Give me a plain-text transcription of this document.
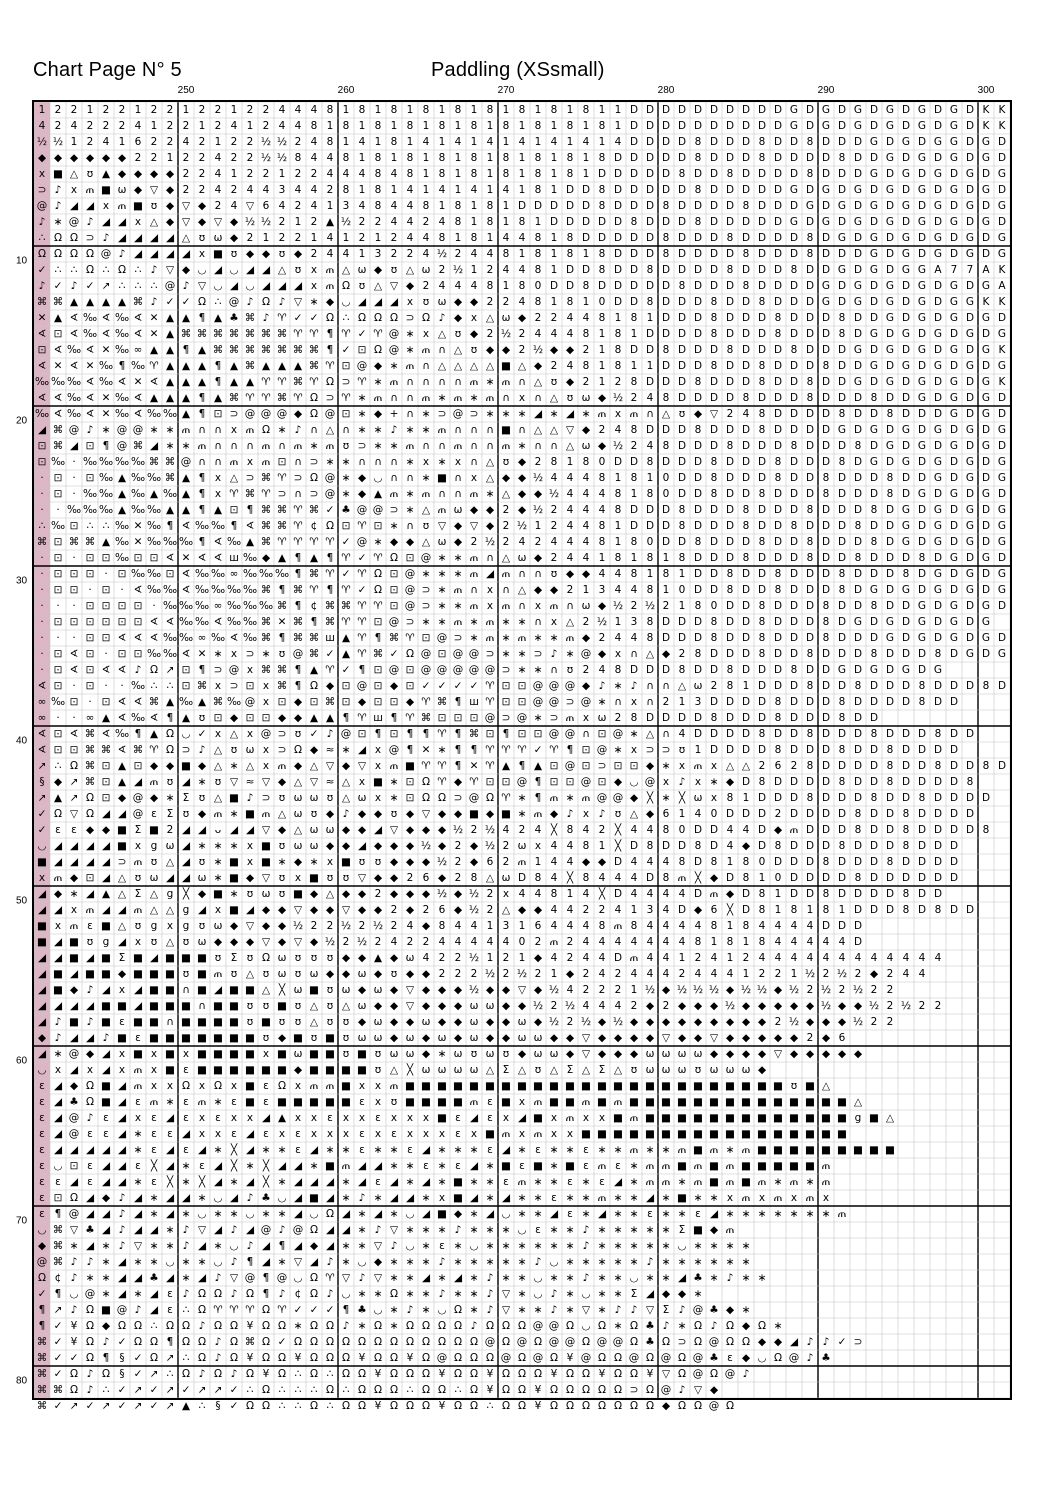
Chart Page N° 5	Paddling (XSsmall)
250	260	270	280	290	300
10
20
30
40
50
60
70
80
1 2 2 1 2 2 1 2 2 1 2 2 1 2 2 4 4 4 8 1 8 1 8 1 8 1 8 1 8 1 8 1 8 1 8 1 1 D D D D D D D D D D G D G D G D G D G D G D K K
4 2 4 2 2 2 4 1 2 2 1 2 4 1 2 4 4 8 1 8 1 8 1 8 1 8 1 8 1 8 1 8 1 8 1 8 1 D D D D D D D D D D G D G D G D G D G D G D K K
½ ½ 1 2 4 1 6 2 2 4 2 1 2 2 ½ ½ 2 4 8 1 4 1 8 1 4 1 4 1 4 1 4 1 4 1 4 1 4 D D D D 8 D D D 8 D D 8 D D D G D G D G G D G D
◆ ◆ ◆ ◆ ◆ ◆ 2 2 1 2 2 4 2 2 ½ ½ 8 4 4 8 1 8 1 8 1 8 1 8 1 8 1 8 1 8 1 8 D D D D D 8 D D D 8 D D D D 8 D D G D G D G D G D
x ■ △ ʊ ▲ ◆ ◆ ◆ ◆ 2 2 4 1 2 2 1 2 2 4 4 4 8 4 8 1 8 1 8 1 8 1 8 1 8 1 D D D D D 8 D D 8 D D D D 8 D D D G D G D G D G D G
⊃ ♪ x ጠ ■ ω ◆ ▽ ◆ 2 2 4 2 4 4 3 4 4 2 8 1 8 1 4 1 4 1 4 1 4 1 8 1 D D 8 D D D D D 8 D D D D D G D G D G D G D G D G D G D
@ ♪ ◢ ◢ x ጠ ■ ʊ ◆ ▽ ◆ 2 4 ▽ 6 4 2 4 1 3 4 8 4 4 8 1 8 1 8 1 D D D D D 8 D D D 8 D D D D 8 D D D G D G D G D G D G D G D G
♪ ∗ @ ♪ ◢ ◢ x △ ◆ ▽ ◆ ▽ ◆ ½ ½ 2 1 2 ▲ ½ 2 2 4 4 2 4 8 1 8 1 8 1 D D D D D 8 D D D 8 D D D D D G D G D G D G D G D G D G D
∴ Ω Ω ⊃ ♪ ◢ ◢ ◢ ◢ △ ʊ ω ◆ 2 1 2 2 1 4 1 2 1 2 4 4 8 1 8 1 4 4 8 1 8 D D D D D 8 D D D 8 D D D D 8 D G D G D G D G D G D G
Ω Ω Ω Ω @ ♪ ◢ ◢ ◢ ◢ x ■ ʊ ◆ ◆ ʊ ◆ 2 4 4 1 3 2 2 4 ½ 2 4 4 8 1 8 1 8 1 8 D D D 8 D D D D 8 D D D 8 D D D G D G D G D G D G
✓ ∴ ∴ Ω ∴ Ω ∴ ♪ ▽ ◆ ◡ ◢ ◡ ◢ ◢ △ ʊ x ጠ △ ω ◆ ʊ △ ω 2 ½ 1 2 4 4 8 1 D D 8 D D 8 D D D D 8 D D D 8 D D G D G D G G A 7 7 A K
♪ ✓ ♪ ✓ ↗ ∴ ∴ ∴ @ ♪ ▽ ◡ ◢ ◡ ◢ ◢ ◢ x ጠ Ω ʊ △ ▽ ◆ 2 4 4 4 8 1 8 0 D D 8 D D D D D 8 D D D 8 D D D D G D G D G D G D G D G A
⌘ ⌘ ▲ ▲ ▲ ▲ ⌘ ♪ ✓ ✓ Ω ∴ @ ♪ Ω ♪ ▽ ∗ ◆ ◡ ◢ ◢ ◢ x ʊ ω ◆ ◆ 2 2 4 8 1 8 1 0 D D 8 D D D 8 D D 8 D D D G D G D G D G D G G K K
✕ ▲ ∢ ‰ ∢ ‰ ∢ ✕ ▲ ▲ ¶ ▲ ♣ ⌘ ♪ ♈ ✓ ✓ Ω ∴ Ω Ω Ω ⊃ Ω ♪ ◆ x △ ω ◆ 2 2 4 4 8 1 8 1 D D D 8 D D D 8 D D D 8 D D G D G D G D G D
∢ ⊡ ∢ ‰ ∢ ‰ ∢ ✕ ▲ ⌘ ⌘ ⌘ ⌘ ⌘ ⌘ ⌘ ♈ ♈ ¶ ♈ ✓ ♈ @ ∗ x △ ʊ ◆ 2 ½ 2 4 4 4 8 1 8 1 D D D D 8 D D D 8 D D D 8 D G D G D G D G D G
⊡ ∢ ‰ ∢ ✕ ‰ ∞ ▲ ▲ ¶ ▲ ⌘ ⌘ ⌘ ⌘ ⌘ ⌘ ⌘ ¶ ✓ ⊡ Ω @ ∗ ጠ ∩ △ ʊ ◆ ◆ 2 ½ ◆ ◆ 2 1 8 D D 8 D D D 8 D D D 8 D D D G D G D G D G D G K
∢ ✕ ∢ ✕ ‰ ¶ ‰ ♈ ▲ ▲ ▲ ¶ ▲ ⌘ ▲ ▲ ▲ ⌘ ♈ ⊡ @ ◆ ∗ ጠ ∩ △ △ △ △ ■ △ ◆ 2 4 8 1 8 1 1 D D D 8 D D 8 D D D 8 D D G D G D G D G D G
‰ ‰ ‰ ∢ ‰ ∢ ✕ ∢ ▲ ▲ ▲ ¶ ▲ ▲ ♈ ♈ ⌘ ♈ Ω ⊃ ♈ ∗ ጠ ∩ ∩ ∩ ∩ ጠ ∗ ጠ ∩ △ ʊ ◆ 2 1 2 8 D D D 8 D D D 8 D D 8 D D G D G D G D G D G K
∢ ∢ ‰ ∢ ✕ ‰ ∢ ▲ ▲ ▲ ¶ ▲ ⌘ ♈ ♈ ⌘ ♈ Ω ⊃ ♈ ∗ ጠ ∩ ∩ ጠ ∗ ጠ ∗ ጠ ∩ x ∩ △ ʊ ω ◆ ½ 2 4 8 D D D D 8 D D D 8 D D D 8 D D G D G D G D
‰ ∢ ‰ ∢ ✕ ‰ ∢ ‰ ‰ ▲ ¶ ⊡ ⊃ @ @ @ ◆ Ω @ ⊡ ∗ ◆ + ∩ ∗ ⊃ @ ⊃ ∗ ∗ ∗ ◢ ∗ ◢ ∗ ጠ x ጠ ∩ △ ʊ ◆ ▽ 2 4 8 D D D D 8 D D 8 D D D G D G D
◢ ⌘ @ ♪ ∗ @ @ ∗ ∗ ጠ ∩ ∩ x ጠ Ω ∗ ♪ ∩ △ ∩ ∗ ∗ ♪ ∗ ∗ ጠ ∩ ∩ ∩ ■ ∩ △ △ ▽ ◆ 2 4 8 D D D 8 D D D 8 D D D D G D G D G D G D G D G
⊡ ⌘ ◢ ⊡ ¶ @ ⌘ ◢ ∗ ∗ ጠ ∩ ∩ ∩ ጠ ∩ ጠ ∗ ጠ ʊ ⊃ ∗ ∗ ጠ ∩ ∩ ጠ ∩ ∩ ጠ ∗ ∩ ∩ △ ω ◆ ½ 2 4 8 D D D 8 D D D 8 D D D 8 D G D G D G D G D
⊡ ‰ · ‰ ‰ ‰ ‰ ⌘ ⌘ @ ∩ ∩ ጠ x ጠ ⊡ ∩ ⊃ ∗ ∗ ∩ ∩ ∩ ∗ x ∗ x ∩ △ ʊ ◆ 2 8 1 8 0 D D 8 D D D 8 D D D 8 D D D 8 D G D G D G D G D G
· ⊡ · ⊡ ‰ ▲ ‰ ‰ ⌘ ▲ ¶ x △ ⊃ ⌘ ♈ ⊃ Ω @ ∗ ◆ ◡ ∩ ∩ ∗ ■ ∩ x △ ◆ ◆ ½ 4 4 4 8 1 8 1 0 D D 8 D D D 8 D D 8 D D D 8 D D G D G D G
· ⊡ · ‰ ‰ ▲ ‰ ▲ ‰ ▲ ¶ x ♈ ⌘ ♈ ⊃ ∩ ⊃ @ ∗ ◆ ▲ ጠ ∗ ጠ ∩ ∩ ጠ ∗ △ ◆ ◆ ½ 4 4 4 8 1 8 0 D D 8 D D 8 D D D 8 D D D 8 D G D G D G D
·	· ‰ ‰ ‰ ▲ ‰ ‰ ▲ ▲ ¶ ▲ ⊡ ¶ ⌘ ⌘ ♈ ⌘ ✓ ♣ @ @ ⊃ ∗ △ ጠ ω ◆ ◆ 2 ◆ ½ 2 4 4 4 8 D D D 8 D D D 8 D D D 8 D D D 8 D G D G D G D G
∴ ‰ ⊡ ∴ ∴ ‰ ✕ ‰ ¶ ∢ ‰ ‰ ¶ ∢ ⌘ ⌘ ♈ ¢ Ω ⊡ ♈ ⊡ ∗ ∩ ʊ ▽ ◆ ▽ ◆ 2 ½ 1 2 4 4 8 1 D D D 8 D D D 8 D D 8 D D D 8 D D G D G D G D G
⌘ ⊡ ⌘ ⌘ ▲ ‰ ✕ ‰ ‰ ‰ ¶ ∢ ‰ ▲ ⌘ ♈ ♈ ♈ ♈ ✓ @ ∗ ◆ ◆ △ ω ◆ 2 ½ 2 4 2 4 4 4 8 1 8 0 D D 8 D D D 8 D D 8 D D D 8 D G D G D G D G
· ⊡ · ⊡ ⊡ ‰ ⊡ ⊡ ∢ ✕ ∢ ∢ ш ‰ ◆ ▲ ¶ ▲ ¶ ♈ ✓ ♈ Ω ⊡ @ ∗ ∗ ጠ ∩ △ ω ◆ 2 4 4 1 8 1 8 1 8 D D D 8 D D D 8 D D 8 D D D 8 D G D G D
· ⊡ ⊡ ⊡ · ⊡ ‰ ‰ ⊡ ∢ ‰ ‰ ∞ ‰ ‰ ‰ ¶ ⌘ ♈ ✓ ♈ Ω ⊡ @ ∗ ∗ ∗ ጠ ◢ ጠ ∩ ∩ ʊ ◆ ◆ 4 4 8 1 8 1 D D 8 D D 8 D D D 8 D D D 8 D G D G D G
· ⊡ ⊡ · ⊡ · ∢ ‰ ‰ ∢ ‰ ‰ ‰ ‰ ⌘ ¶ ⌘ ♈ ¶ ♈ ✓ Ω ⊡ @ ⊃ ∗ ጠ ∩ x ∩ △ ◆ ◆ 2 1 3 4 4 8 1 0 D D 8 D D 8 D D D 8 D G D G D G D G D G
·	·	· ⊡ ⊡ ⊡ ⊡ · ‰ ‰ ‰ ∞ ‰ ‰ ‰ ⌘ ¶ ¢ ⌘ ⌘ ♈ ♈ ⊡ @ ⊃ ∗ ∗ ጠ x ጠ ∩ x ጠ ∩ ω ◆ ½ 2 ½ 2 1 8 0 D D 8 D D D 8 D D 8 D D G D G D G D
· ⊡ ⊡ ⊡ ⊡ ⊡ ⊡ ∢ ∢ ‰ ‰ ∢ ‰ ‰ ⌘ ✕ ⌘ ¶ ⌘ ♈ ♈ ⊡ @ ⊃ ∗ ∗ ጠ ∗ ጠ ∗ ∗ ∩ x △ 2 ½ 1 3 8 D D D 8 D D 8 D D D 8 D G D G D G D G D G
·	·	· ⊡ ⊡ ∢ ∢ ∢ ‰ ‰ ∞ ‰ ∢ ‰ ⌘ ¶ ⌘ ⌘ ш ▲ ♈ ¶ ⌘ ♈ ⊡ @ ⊃ ∗ ጠ ∗ ጠ ∗ ∗ ጠ ◆ 2 4 4 8 D D D 8 D D 8 D D D 8 D D D G D G D G D G D
· ⊡ ∢ ⊡ · ⊡ ⊡ ‰ ‰ ∢ ✕ ∗ x ⊃ ∗ ʊ @ ⌘ ✓ ▲ ♈ ⌘ ✓ Ω @ ⊡ @ @ ⊃ ∗ ∗ ⊃ ♪ ∗ @ ◆ x ∩ △ ◆ 2 8 D D D 8 D D 8 D D D 8 D D D 8 D G D G
· ⊡ ∢ ⊡ ∢ ∢ ♪ Ω ↗ ⊡ ¶ ⊃ @ x ⌘ ⌘ ¶ ▲ ♈ ✓ ¶ ⊡ @ ⊡ @ @ @ @ @ ⊃ ∗ ∗ ∩ ʊ 2 4 8 D D D 8 D D 8 D D D 8 D D G D G D G D G
∢ ⊡ · ⊡ ·	· ‰ ∴ ∴ ⊡ ⌘ x ⊃ ⊡ x ⌘ ¶ Ω ◆ ⊡ @ ⊡ ◆ ⊡ ✓ ✓ ✓ ✓ ♈ ⊡ ⊡ @ @ @ ◆ ♪ ∗ ♪ ∩ ∩ △ ω 2 8 1 D D D 8 D D 8 D D D 8 D D D 8 D
∞ ‰ ⊡ · ⊡ ∢ ∢ ⌘ ▲ ‰ ▲ ⌘ ‰ @ x ⊡ ◆ ⊡ ⌘ ⊡ ◆ ⊡ ⊡ ◆ ♈ ⌘ ¶ ш ♈ ⊡ ⊡ @ @ ⊃ @ ∗ ∩ x ∩ 2 1 3 D D D D 8 D D D 8 D D D D 8 D D
∞ ·	· ∞ ▲ ∢ ‰ ∢ ¶ ▲ ʊ ⊡ ◆ ⊡ ⊡ ◆ ◆ ▲ ▲ ¶ ♈ ш ¶ ♈ ⌘ ⊡ ⊡ ⊡ @ ⊃ @ ∗ ⊃ ጠ x ω 2 8 D D D D 8 D D D 8 D D D 8 D D
∢ ⊡ ∢ ⌘ ∢ ‰ ¶ ▲ Ω ◡ ✓ x △ x @ ⊃ ʊ ✓ ♪ @ ⊡ ¶ ⊡ ¶ ¶ ♈ ¶ ⌘ ⊡ ¶ ⊡ ⊡ @ @ ∩ ⊡ @ ∗ △ ∩ 4 D D D D 8 D D 8 D D D 8 D D D 8 D D
∢ ⊡ ⊡ ⌘ ⌘ ∢ ⌘ ♈ Ω ⊃ ♪ △ ʊ ω x ⊃ Ω ◆ ≈ ∗ ◢ x @ ¶ ✕ ∗ ¶ ¶ ♈ ♈ ♈ ✓ ♈ ¶ ⊡ @ ∗ x ⊃ ⊃ ʊ 1 D D D D 8 D D D 8 D D 8 D D D D
↗ ∴ Ω ⌘ ⊡ ▲ ⊡ ◆ ◆ ■ ◆ △ ∗ △ x ጠ ◆ △ ▽ ◆ ▽ x ጠ ■ ♈ ♈ ¶ ✕ ♈ ▲ ¶ ▲ ⊡ @ ⊡ ⊃ ⊡ ⊡ ◆ ∗ x ጠ x △ △ 2 6 2 8 D D D D 8 D D 8 D D 8 D
§ ◆ ↗ ⌘ ⊡ ▲ ◢ ጠ ʊ ◢ ∗ ʊ ▽ ≈ ▽ ◆ △ ▽ ≈ △ x ■ ∗ ⊡ Ω ♈ ◆ ♈ ⊡ ⊡ @ ¶ ⊡ ⊡ @ ⊡ ◆ ◡ @ x ♪ x ∗ ◆ D 8 D D D D 8 D D 8 D D D D 8
↗ ▲ ↗ Ω ⊡ ◆ @ ◆ ∗ Σ ʊ △ ■ ♪ ⊃ ʊ ω ω ʊ △ ω x ∗ ⊡ Ω Ω ⊃ @ Ω ♈ ∗ ¶ ጠ ∗ ጠ @ @ ◆ ╳ ∗ ╳ ω x 8 1 D D D 8 D D D 8 D D 8 D D D D
✓ Ω ▽ Ω ◢ ◢ @ ɛ Σ ʊ ◆ ጠ ∗ ■ ጠ △ ω ʊ ◆ ♪ ◆ ◆ ʊ ◆ ▽ ◆ ◆ ■ ◆ ■ ∗ ጠ ◆ ♪ x ♪ ʊ △ ◆ 6 1 4 0 D D D 2 D D D D 8 D D 8 D D D D
✓ ɛ ɛ ◆ ◆ ■ Σ ■ 2 ◢ ◢ ᴗ ◢ ◢ ▽ ◆ △ ω ω ◆ ◆ ◢ ▽ ◆ ◆ ◆ ½ 2 ½ 4 2 4 ╳ 8 4 2 ╳ 4 4 8 0 D D 4 4 D ◆ ጠ D D D 8 D D 8 D D D D 8
◡ ◢ ◢ ◢ ◢ ■ x g ω ◢ ∗ ∗ ∗ x ■ ʊ ω ω ◆ ◆ ◢ ◆ ◆ ◆ ½ ◆ 2 ◆ ½ 2 ω x 4 4 8 1 ╳ D 8 D D 8 D 4 ◆ D 8 D D D 8 D D D 8 D D D
■ ◢ ◢ ◢ ◢ ⊃ ጠ ʊ △ ◢ ʊ ∗ ■ x ■ ∗ ◆ ∗ x ■ ʊ ʊ ◆ ◆ ◆ ½ 2 ◆ 6 2 ጠ 1 4 4 ◆ ◆ D 4 4 4 8 D 8 1 8 0 D D D 8 D D D 8 D D D D
x ጠ ◆ ⊡ ◢ △ ʊ ω ◢ ◢ ω ∗ ■ ◆ ▽ ʊ x ■ ʊ ʊ ▽ ◆ ◆ 2 6 ◆ 2 8 △ ω D 8 4 ╳ 8 4 4 4 D 8 ጠ ╳ ◆ D 8 1 0 D D D D 8 D D D D D D
◢ ◆ ∗ ◢ ▲ △ Σ △ g ╳ ◆ ■ ∗ ʊ ω ʊ ■ ◆ △ ◆ ◆ 2 ◆ ◆ ◆ ½ ◆ ½ 2 x 4 4 8 1 4 ╳ D 4 4 4 4 D ጠ ◆ D 8 1 D D 8 D D D D 8 D D
◢ ◢ x ጠ ◢ ◢ ጠ △ △ g ◢ x ■ ◢ ◆ ◆ ▽ ◆ ◆ ▽ ◆ ◆ 2 ◆ 2 6 ◆ ½ 2 △ ◆ ◆ 4 4 2 2 4 1 3 4 D ◆ 6 ╳ D 8 1 8 1 8 1 D D D 8 D 8 D D
■ x ጠ ɛ ■ △ ʊ g x g ʊ ω ◆ ▽ ◆ ◆ ½ 2 2 ½ 2 ½ 2 4 ◆ 8 4 4 1 3 1 6 4 4 4 8 ጠ 8 4 4 4 4 8 1 8 4 4 4 4 D D D
■ ◢ ■ ʊ g ◢ x ʊ △ ʊ ω ◆ ◆ ◆ ▽ ◆ ▽ ◆ ½ 2 ½ 2 4 2 2 4 4 4 4 4 0 2 ጠ 2 4 4 4 4 4 4 4 8 1 8 1 8 4 4 4 4 4 D
◢ ◢ ■ ◢ ■ Σ ■ ◢ ■ ■ ■ ʊ Σ ʊ Ω ω ʊ ʊ ʊ ◆ ◆ ▲ ◆ ω 4 2 2 ½ 1 2 1 ◆ 4 2 4 4 D ጠ 4 4 1 2 4 1 2 4 4 4 4 4 4 4 4 4 4 4 4
◢ ■ ◢ ■ ■ ◆ ■ ■ ■ ʊ ■ ጠ ʊ △ ʊ ω ʊ ω ◆ ◆ ω ◆ ʊ ◆ ◆ 2 2 2 ½ 2 ½ 2 1 ◆ 2 4 2 4 4 4 2 4 4 4 1 2 2 1 ½ 2 ½ 2 ◆ 2 4 4
◢ ■ ◆ ♪ ◢ x ◢ ■ ■ ∩ ■ ◢ ■ ■ △ ╳ ω ■ ʊ ω ◆ ω ◆ ▽ ◆ ◆ ◆ ½ ◆ ◆ ▽ ◆ ½ 4 2 2 2 1 ½ ◆ ½ ½ ½ ◆ ½ ½ ◆ ½ 2 ½ 2 ½ 2 2
◢ ◢ ◢ ◢ ■ ■ ◢ ■ ■ ■ ∩ ■ ■ ʊ ʊ ■ ʊ △ ʊ △ ω ◆ ◆ ▽ ◆ ◆ ◆ ω ω ◆ ◆ ½ 2 ½ 4 4 4 2 ◆ 2 ◆ ◆ ◆ ½ ◆ ◆ ◆ ◆ ◆ ½ ◆ ◆ ½ 2 ½ 2 2
◢ ♪ ■ ♪ ■ ɛ ■ ■ ∩ ■ ■ ■ ■ ʊ ■ ʊ ʊ △ ʊ ʊ ◆ ω ◆ ◆ ω ◆ ◆ ω ◆ ◆ ω ◆ ½ 2 ½ ◆ ½ ◆ ◆ ◆ ◆ ◆ ◆ ◆ ◆ ◆ 2 ½ ◆ ◆ ◆ ½ 2 2
◆ ♪ ◢ ◢ ♪ ■ ɛ ■ ■ ■ ■ ■ ■ ■ ʊ ◆ ■ ʊ ■ ʊ ω ω ◆ ω ◆ ω ◆ ω ◆ ◆ ω ω ◆ ◆ ▽ ◆ ◆ ◆ ◆ ▽ ◆ ◆ ▽ ◆ ◆ ◆ ◆ ◆ 2 ◆ 6
◢ ∗ @ ◆ ◢ x ■ x ■ x ■ ■ ■ ■ x ■ ω ■ ■ ʊ ■ ʊ ω ω ◆ ∗ ω ʊ ω ʊ ◆ ω ω ◆ ▽ ◆ ◆ ◆ ω ω ω ω ◆ ◆ ◆ ◆ ▽ ◆ ◆ ◆ ◆ ◆
◡ x ◢ x ◢ x ጠ x ■ ɛ ■ ■ ■ ■ ■ ■ ◆ ■ ■ ■ ■ ʊ △ ╳ ω ω ω ω △ Σ △ ʊ △ Σ △ Σ △ ʊ ω ω ω ʊ ω ω ω ◆
ɛ ◢ ◆ Ω ■ ◢ ጠ x x Ω x Ω x ■ ɛ Ω x ጠ ጠ ■ x x ጠ ■ ■ ■ ■ ■ ■ ■ ■ ■ ■ ■ ■ ■ ■ ■ ■ ■ ■ ■ ■ ■ ■ ■ ■ ʊ ■ △
ɛ ◢ ♣ Ω ■ ◢ ɛ ጠ ∗ ɛ ጠ ∗ ɛ ■ ɛ ■ ■ ■ ■ ■ ɛ x ʊ ■ ■ ■ ■ ጠ ɛ ■ x ጠ ■ ■ ጠ ■ ጠ ■ ■ ■ ■ ■ ■ ■ ■ ■ ■ ■ ■ ■ ■ △
ɛ ◢ @ ♪ ɛ ◢ x ɛ ◢ ɛ x ɛ x x ◢ ▲ x x ɛ x x ɛ x x x ■ ɛ ◢ ɛ x ◢ ■ x ጠ x x ■ ጠ ■ ■ ■ ■ ■ ■ ■ ■ ■ ■ ■ ■ ■ g ■ △
ɛ ◢ @ ɛ ɛ ◢ ∗ ɛ ɛ ◢ x x ɛ ◢ ɛ x ɛ x x x ɛ x ɛ x x x ɛ x ■ ጠ x ጠ x x ■ ■ ■ ■ ■ ■ ■ ■ ■ ■ ■ ■ ■ ■ ■ ■ ■
ɛ ◢ ◢ ◢ ◢ ◢ ∗ ɛ ◢ ɛ ◢ ∗ ╳ ◢ ∗ ∗ ɛ ◢ ∗ ∗ ɛ ∗ ∗ ɛ ◢ ∗ ∗ ∗ ɛ ◢ ∗ ɛ ∗ ∗ ɛ ∗ ∗ ጠ ∗ ∗ ጠ ■ ጠ ∗ ጠ ■ ■ ■ ■ ■ ■ ■ ■ ■
ɛ ◡ ⊡ ɛ ◢ ◢ ɛ ╳ ◢ ∗ ɛ ◢ ╳ ∗ ╳ ◢ ◢ ∗ ■ ጠ ◢ ◢ ∗ ∗ ɛ ∗ ɛ ◢ ∗ ■ ɛ ■ ∗ ■ ɛ ጠ ɛ ∗ ጠ ጠ ■ ጠ ■ ጠ ■ ■ ■ ■ ■ ጠ
ɛ ɛ ◢ ɛ ◢ ◢ ∗ ɛ ╳ ∗ ╳ ◢ ∗ ◢ ╳ ∗ ◢ ◢ ◢ ∗ ◢ ɛ ◢ ∗ ◢ ∗ ■ ∗ ∗ ɛ ጠ ∗ ∗ ɛ ∗ ɛ ◢ ∗ ጠ ጠ ∗ ጠ ■ ጠ ■ ጠ ∗ ጠ ∗ ጠ
ɛ ⊡ Ω ◢ ◆ ♪ ◢ ∗ ◢ ◢ ∗ ◡ ◢ ♪ ♣ ◡ ◢ ■ ◢ ∗ ♪ ∗ ◢ ◢ ∗ x ■ ◢ ∗ ◢ ∗ ∗ ɛ ∗ ∗ ጠ ∗ ∗ ◢ ∗ ■ ∗ ∗ x ጠ x ጠ x ጠ x
ɛ ¶ @ ◢ ◢ ♪ ◢ ∗ ◢ ∗ ◡ ∗ ∗ ◡ ∗ ∗ ◢ ◡ Ω ◢ ∗ ◢ ∗ ◡ ◢ ■ ◆ ∗ ◢ ◡ ∗ ∗ ◢ ɛ ∗ ◢ ∗ ∗ ɛ ∗ ∗ ɛ ◢ ∗ ∗ ∗ ∗ ∗ ∗ ∗ ጠ
◡ ⌘ ▽ ♣ ◢ ♪ ◢ ◢ ∗ ♪ ▽ ◢ ♪ ◢ @ ♪ @ Ω ◢ ◢ ∗ ♪ ▽ ∗ ∗ ∗ ♪ ∗ ∗ ∗ ◡ ɛ ∗ ∗ ♪ ∗ ∗ ∗ ∗ ∗ Σ ■ ◆ ጠ
◆ ⌘ ∗ ◢ ∗ ♪ ▽ ∗ ∗ ♪ ◢ ∗ ◡ ♪ ◢ ¶ ◢ ◆ ◢ ∗ ∗ ▽ ♪ ◡ ∗ ɛ ∗ ◡ ∗ ∗ ∗ ∗ ∗ ∗ ♪ ∗ ∗ ∗ ∗ ∗ ◡ ∗ ∗ ∗ ∗
@ ⌘ ♪ ♪ ∗ ◢ ∗ ∗ ◡ ∗ ∗ ◡ ♪ ¶ ◢ ∗ ▽ ◢ ♪ ∗ ◡ ◆ ∗ ∗ ∗ ♪ ∗ ∗ ∗ ∗ ∗ ♪ ◡ ∗ ∗ ∗ ∗ ∗ ♪ ∗ ∗ ∗ ∗ ∗ ∗
Ω ¢ ♪ ∗ ∗ ◢ ◢ ♣ ◢ ∗ ◢ ♪ ▽ @ ¶ @ ◡ Ω ♈ ▽ ♪ ▽ ∗ ∗ ◢ ∗ ◢ ∗ ♪ ∗ ∗ ◡ ∗ ∗ ♪ ∗ ∗ ◡ ∗ ∗ ◢ ♣ ∗ ♪ ∗ ∗
✓ ¶ ◡ @ ∗ ◢ ∗ ◢ ɛ ♪ Ω Ω ♪ Ω ¶ ♪ ¢ Ω ♪ ◡ ∗ ∗ Ω ∗ ∗ ♪ ∗ ∗ ♪ ▽ ∗ ◡ ♪ ∗ ◡ ∗ ∗ Σ ◢ ◆ ◆ ∗
¶ ↗ ♪ Ω ■ @ ♪ ◢ ɛ ∴ Ω ♈ ♈ ♈ Ω ♈ ✓ ✓ ✓ ¶ ♣ ◡ ∗ ♪ ∗ ◡ Ω ∗ ♪ ▽ ∗ ∗ ♪ ∗ ▽ ∗ ♪ ♪ ▽ Σ ♪ @ ♣ ◆ ∗
¶ ✓ ¥ Ω ◆ Ω Ω ∴ Ω Ω ♪ Ω Ω ¥ Ω Ω ∗ Ω Ω ♪ ∗ Ω ∗ Ω Ω Ω Ω ♪ Ω Ω Ω @ @ Ω ◡ Ω ∗ Ω ♣ ♪ ∗ Ω ♪ Ω ◆ Ω ∗
⌘ ✓ ¥ Ω ♪ ✓ Ω Ω ¶ Ω Ω ♪ Ω ⌘ Ω ✓ Ω Ω Ω Ω Ω Ω Ω Ω Ω Ω Ω Ω @ Ω @ Ω @ @ Ω @ @ Ω ♣ Ω ⊃ Ω @ Ω Ω ◆ ◆ ◢ ♪ ♪ ✓ ⊃
⌘ ✓ ✓ Ω ¶ § ✓ Ω ↗ ∴ Ω ♪ Ω ¥ Ω Ω ¥ Ω Ω Ω ¥ Ω Ω ¥ Ω @ Ω Ω Ω @ Ω @ Ω ¥ @ Ω Ω @ Ω @ Ω @ ♣ ɛ ◆ ◡ Ω @ ♪ ♣
⌘ ✓ Ω ♪ Ω § ✓ ↗ ∴ Ω ♪ Ω ♪ Ω ¥ Ω ∴ Ω ∴ Ω Ω ¥ Ω Ω Ω ¥ Ω Ω ¥ Ω Ω Ω ¥ Ω Ω ¥ Ω Ω ¥ ▽ Ω @ Ω @ ♪
⌘ ⌘ Ω ♪ ∴ ✓ ↗ ✓ ↗ ✓ ↗ ↗ ✓ ∴ Ω ∴ ∴ ∴ Ω ∴ Ω Ω Ω ∴ Ω Ω ∴ Ω ¥ Ω Ω ¥ Ω Ω Ω Ω Ω ⊃ Ω @ ♪ ▽ ◆
⌘ ✓ ↗ ✓ ↗ ✓ ↗ ✓ ↗ ▲ ∴ § ✓ Ω Ω ∴ ∴ Ω ∴ Ω Ω ¥ Ω Ω Ω ¥ Ω Ω ∴ Ω Ω ¥ Ω Ω Ω Ω Ω Ω Ω ◆ Ω Ω @ Ω
